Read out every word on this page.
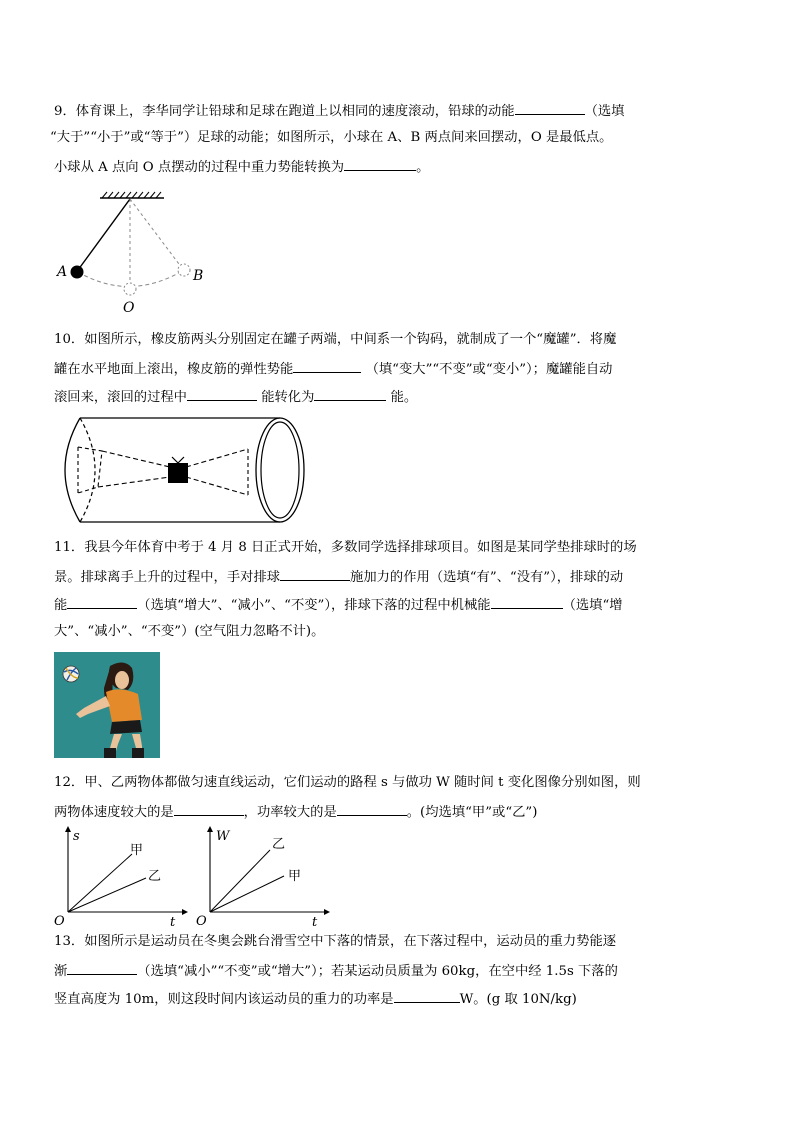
9．体育课上，李华同学让铅球和足球在跑道上以相同的速度滚动，铅球的动能	（选填
“大于”“小于”或“等于”）足球的动能；如图所示，小球在 A、B 两点间来回摆动，O 是最低点。
小球从 A 点向 O 点摆动的过程中重力势能转换为	。
A	B
O
10．如图所示，橡皮筋两头分别固定在罐子两端，中间系一个钩码，就制成了一个“魔罐”．将魔
罐在水平地面上滚出，橡皮筋的弹性势能	（填“变大”“不变”或“变小”）；魔罐能自动
滚回来，滚回的过程中	能转化为	能。
11．我县今年体育中考于 4 月 8 日正式开始，多数同学选择排球项目。如图是某同学垫排球时的场
景。排球离手上升的过程中，手对排球	施加力的作用（选填“有”、“没有”），排球的动
能	（选填“增大”、“减小”、“不变”），排球下落的过程中机械能	（选填“增
大”、“减小”、“不变”）(空气阻力忽略不计)。
12．甲、乙两物体都做匀速直线运动，它们运动的路程 s 与做功 W 随时间 t 变化图像分别如图，则
两物体速度较大的是	，功率较大的是	。(均选填“甲”或“乙”)
s
t
O
甲
乙
W
t
O
乙
甲
13．如图所示是运动员在冬奥会跳台滑雪空中下落的情景，在下落过程中，运动员的重力势能逐
渐	（选填“减小”“不变”或“增大”）；若某运动员质量为 60kg，在空中经 1.5s 下落的
竖直高度为 10m，则这段时间内该运动员的重力的功率是	W。(g 取 10N/kg)
